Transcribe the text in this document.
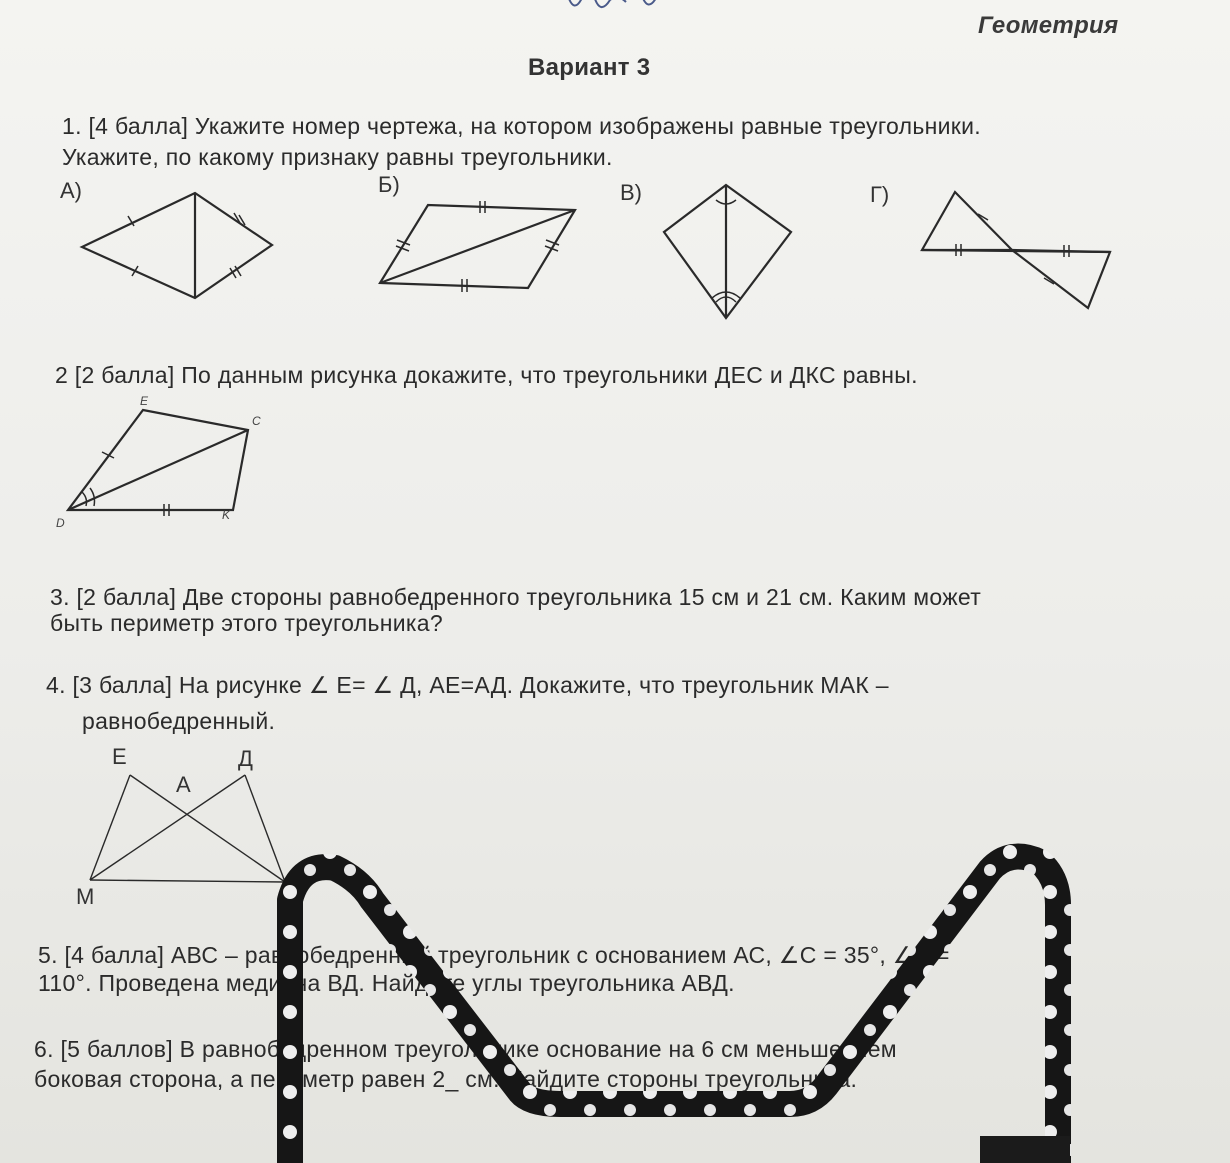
Геометрия
Вариант 3
1. [4 балла] Укажите номер чертежа, на котором изображены равные треугольники.
Укажите, по какому признаку равны треугольники.
А)	Б)	В)	Г)
2 [2 балла] По данным рисунка докажите, что треугольники ДЕС и ДКС равны.
E
C
D
K
3. [2 балла] Две стороны равнобедренного треугольника 15 см и 21 см. Каким может
быть периметр этого треугольника?
4. [3 балла] На рисунке ∠ Е= ∠ Д, АЕ=АД. Докажите, что треугольник МАК –
равнобедренный.
Е	Д
А
М
5. [4 балла] АВС – равнобедренный треугольник с основанием АС, ∠С = 35°, ∠В =
110°. Проведена медиана ВД. Найдите углы треугольника АВД.
6. [5 баллов] В равнобедренном треугольнике основание на 6 см меньше, чем
боковая сторона, а периметр равен 2_ см. Найдите стороны треугольника.
